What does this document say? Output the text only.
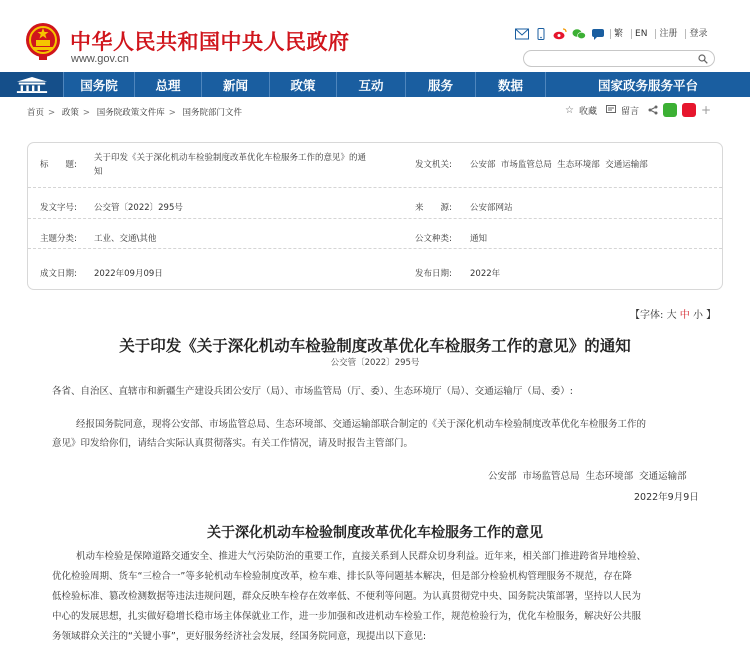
中华人民共和国中央人民政府
www.gov.cn
繁	EN	注册	登录
国务院	总理	新闻	政策	互动	服务	数据	国家政务服务平台
首页 > 政策 > 国务院政策文件库 > 国务院部门文件	☆ 收藏	留言	+
标　　题:
关于印发《关于深化机动车检验制度改革优化车检服务工作的意见》的通
知
发文机关: 公安部  市场监管总局  生态环境部  交通运输部
发文字号: 公交管〔2022〕295号	来　　源: 公安部网站
主题分类: 工业、交通\其他	公文种类: 通知
成文日期: 2022年09月09日	发布日期: 2022年
【字体: 大 中 小 】
关于印发《关于深化机动车检验制度改革优化车检服务工作的意见》的通知
公交管〔2022〕295号
各省、自治区、直辖市和新疆生产建设兵团公安厅（局）、市场监管局（厅、委）、生态环境厅（局）、交通运输厅（局、委）:
经报国务院同意，现将公安部、市场监管总局、生态环境部、交通运输部联合制定的《关于深化机动车检验制度改革优化车检服务工作的
意见》印发给你们，请结合实际认真贯彻落实。有关工作情况，请及时报告主管部门。
公安部  市场监管总局  生态环境部  交通运输部
2022年9月9日
关于深化机动车检验制度改革优化车检服务工作的意见
机动车检验是保障道路交通安全、推进大气污染防治的重要工作，直接关系到人民群众切身利益。近年来，相关部门推进跨省异地检验、
优化检验周期、货车“三检合一”等多轮机动车检验制度改革，检车难、排长队等问题基本解决，但是部分检验机构管理服务不规范，存在降
低检验标准、篡改检测数据等违法违规问题，群众反映车检存在效率低、不便利等问题。为认真贯彻党中央、国务院决策部署，坚持以人民为
中心的发展思想，扎实做好稳增长稳市场主体保就业工作，进一步加强和改进机动车检验工作，规范检验行为，优化车检服务，解决好公共服
务领域群众关注的“关键小事”，更好服务经济社会发展，经国务院同意，现提出以下意见:
